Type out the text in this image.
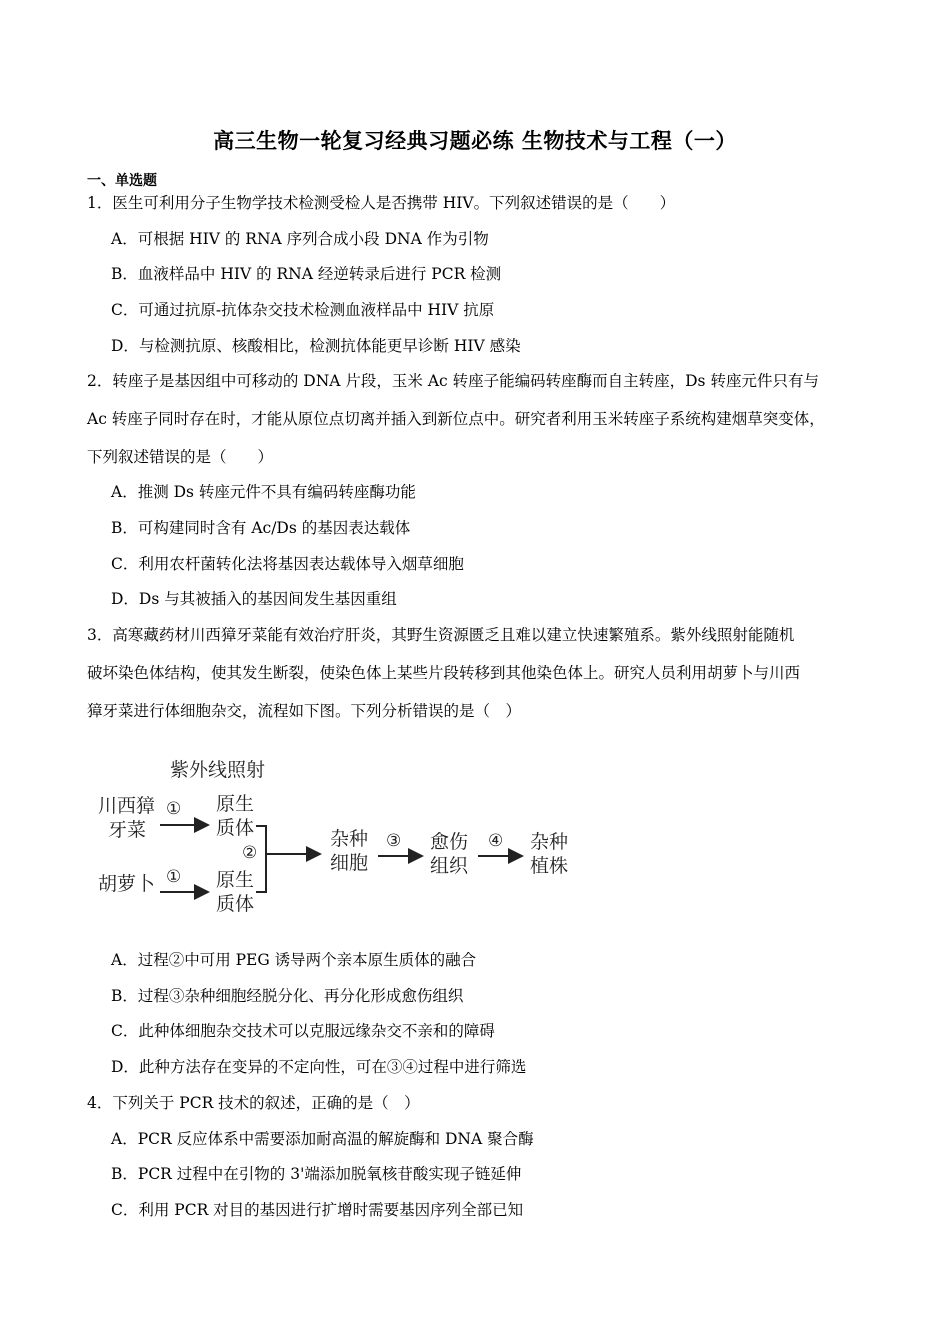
高三生物一轮复习经典习题必练 生物技术与工程（一）
一、单选题
1．医生可利用分子生物学技术检测受检人是否携带 HIV。下列叙述错误的是（　　）
A．可根据 HIV 的 RNA 序列合成小段 DNA 作为引物
B．血液样品中 HIV 的 RNA 经逆转录后进行 PCR 检测
C．可通过抗原-抗体杂交技术检测血液样品中 HIV 抗原
D．与检测抗原、核酸相比，检测抗体能更早诊断 HIV 感染
2．转座子是基因组中可移动的 DNA 片段，玉米 Ac 转座子能编码转座酶而自主转座，Ds 转座元件只有与
Ac 转座子同时存在时，才能从原位点切离并插入到新位点中。研究者利用玉米转座子系统构建烟草突变体，
下列叙述错误的是（　　）
A．推测 Ds 转座元件不具有编码转座酶功能
B．可构建同时含有 Ac/Ds 的基因表达载体
C．利用农杆菌转化法将基因表达载体导入烟草细胞
D．Ds 与其被插入的基因间发生基因重组
3．高寒藏药材川西獐牙菜能有效治疗肝炎，其野生资源匮乏且难以建立快速繁殖系。紫外线照射能随机
破坏染色体结构，使其发生断裂，使染色体上某些片段转移到其他染色体上。研究人员利用胡萝卜与川西
獐牙菜进行体细胞杂交，流程如下图。下列分析错误的是（　）
紫外线照射
川西獐
牙菜
胡萝卜
①
①
原生
质体
原生
质体
②
杂种
细胞
③ 愈伤
组织
④ 杂种
植株
A．过程②中可用 PEG 诱导两个亲本原生质体的融合
B．过程③杂种细胞经脱分化、再分化形成愈伤组织
C．此种体细胞杂交技术可以克服远缘杂交不亲和的障碍
D．此种方法存在变异的不定向性，可在③④过程中进行筛选
4．下列关于 PCR 技术的叙述，正确的是（　）
A．PCR 反应体系中需要添加耐高温的解旋酶和 DNA 聚合酶
B．PCR 过程中在引物的 3'端添加脱氧核苷酸实现子链延伸
C．利用 PCR 对目的基因进行扩增时需要基因序列全部已知
